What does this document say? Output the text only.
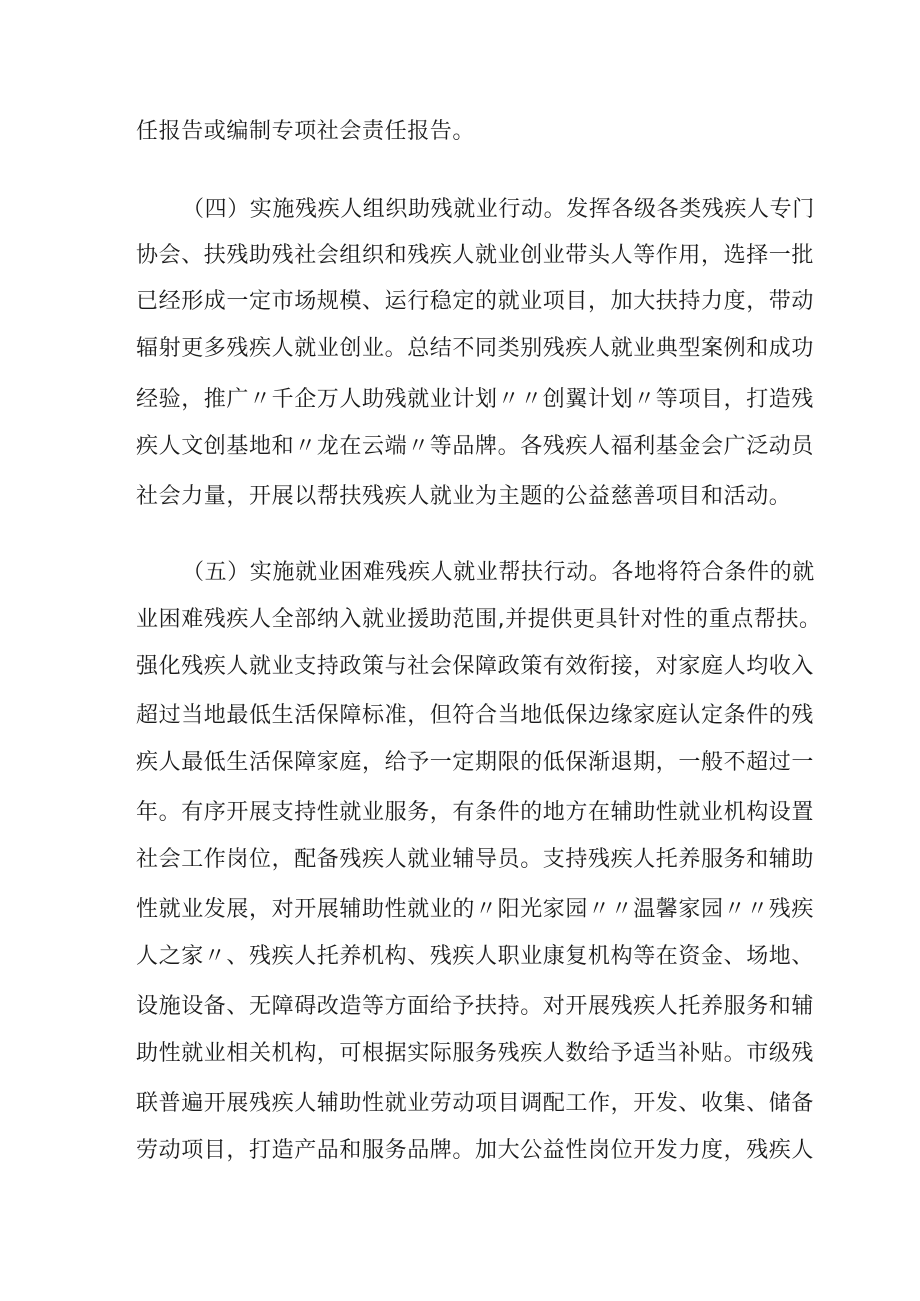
任报告或编制专项社会责任报告。
（四）实施残疾人组织助残就业行动。发挥各级各类残疾人专门
协会、扶残助残社会组织和残疾人就业创业带头人等作用，选择一批
已经形成一定市场规模、运行稳定的就业项目，加大扶持力度，带动
辐射更多残疾人就业创业。总结不同类别残疾人就业典型案例和成功
经验，推广〃千企万人助残就业计划〃〃创翼计划〃等项目，打造残
疾人文创基地和〃龙在云端〃等品牌。各残疾人福利基金会广泛动员
社会力量，开展以帮扶残疾人就业为主题的公益慈善项目和活动。
（五）实施就业困难残疾人就业帮扶行动。各地将符合条件的就
业困难残疾人全部纳入就业援助范围,并提供更具针对性的重点帮扶。
强化残疾人就业支持政策与社会保障政策有效衔接，对家庭人均收入
超过当地最低生活保障标准，但符合当地低保边缘家庭认定条件的残
疾人最低生活保障家庭，给予一定期限的低保渐退期，一般不超过一
年。有序开展支持性就业服务，有条件的地方在辅助性就业机构设置
社会工作岗位，配备残疾人就业辅导员。支持残疾人托养服务和辅助
性就业发展，对开展辅助性就业的〃阳光家园〃〃温馨家园〃〃残疾
人之家〃、残疾人托养机构、残疾人职业康复机构等在资金、场地、
设施设备、无障碍改造等方面给予扶持。对开展残疾人托养服务和辅
助性就业相关机构，可根据实际服务残疾人数给予适当补贴。市级残
联普遍开展残疾人辅助性就业劳动项目调配工作，开发、收集、储备
劳动项目，打造产品和服务品牌。加大公益性岗位开发力度，残疾人
